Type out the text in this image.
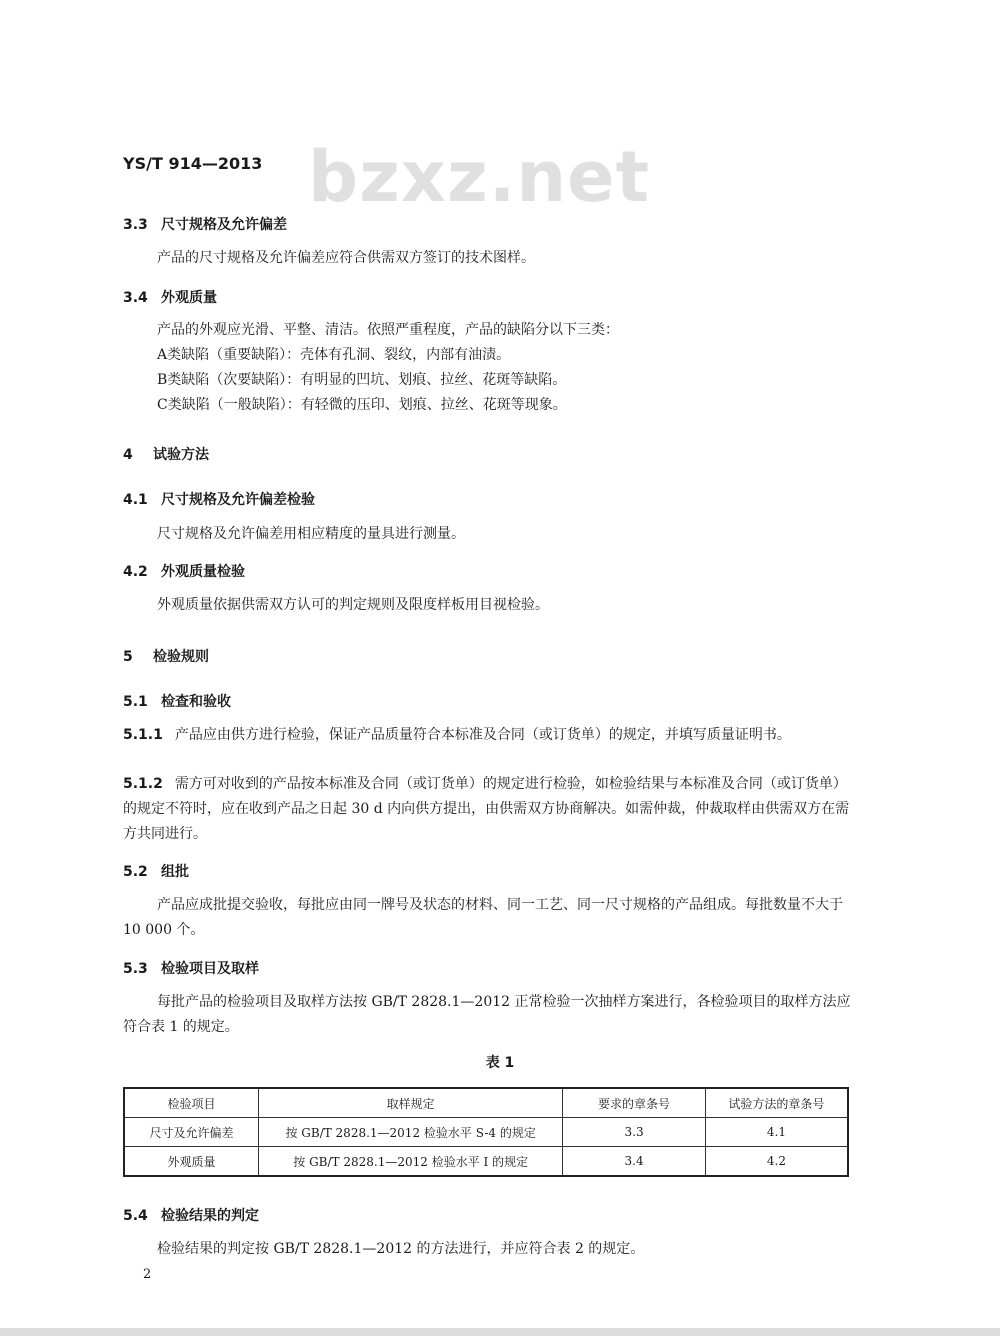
bzxz.net
YS/T 914—2013
3.3 尺寸规格及允许偏差
产品的尺寸规格及允许偏差应符合供需双方签订的技术图样。
3.4 外观质量
产品的外观应光滑、平整、清洁。依照严重程度，产品的缺陷分以下三类：
A类缺陷（重要缺陷）：壳体有孔洞、裂纹，内部有油渍。
B类缺陷（次要缺陷）：有明显的凹坑、划痕、拉丝、花斑等缺陷。
C类缺陷（一般缺陷）：有轻微的压印、划痕、拉丝、花斑等现象。
4 试验方法
4.1 尺寸规格及允许偏差检验
尺寸规格及允许偏差用相应精度的量具进行测量。
4.2 外观质量检验
外观质量依据供需双方认可的判定规则及限度样板用目视检验。
5 检验规则
5.1 检查和验收
5.1.1 产品应由供方进行检验，保证产品质量符合本标准及合同（或订货单）的规定，并填写质量证明书。
5.1.2 需方可对收到的产品按本标准及合同（或订货单）的规定进行检验，如检验结果与本标准及合同（或订货单）的规定不符时，应在收到产品之日起 30 d 内向供方提出，由供需双方协商解决。如需仲裁，仲裁取样由供需双方在需方共同进行。
5.2 组批
产品应成批提交验收，每批应由同一牌号及状态的材料、同一工艺、同一尺寸规格的产品组成。每批数量不大于 10 000 个。
5.3 检验项目及取样
每批产品的检验项目及取样方法按 GB/T 2828.1—2012 正常检验一次抽样方案进行，各检验项目的取样方法应符合表 1 的规定。
表 1
检验项目	取样规定	要求的章条号	试验方法的章条号
尺寸及允许偏差	按 GB/T 2828.1—2012 检验水平 S-4 的规定	3.3	4.1
外观质量	按 GB/T 2828.1—2012 检验水平 Ⅰ 的规定	3.4	4.2
5.4 检验结果的判定
检验结果的判定按 GB/T 2828.1—2012 的方法进行，并应符合表 2 的规定。
2
